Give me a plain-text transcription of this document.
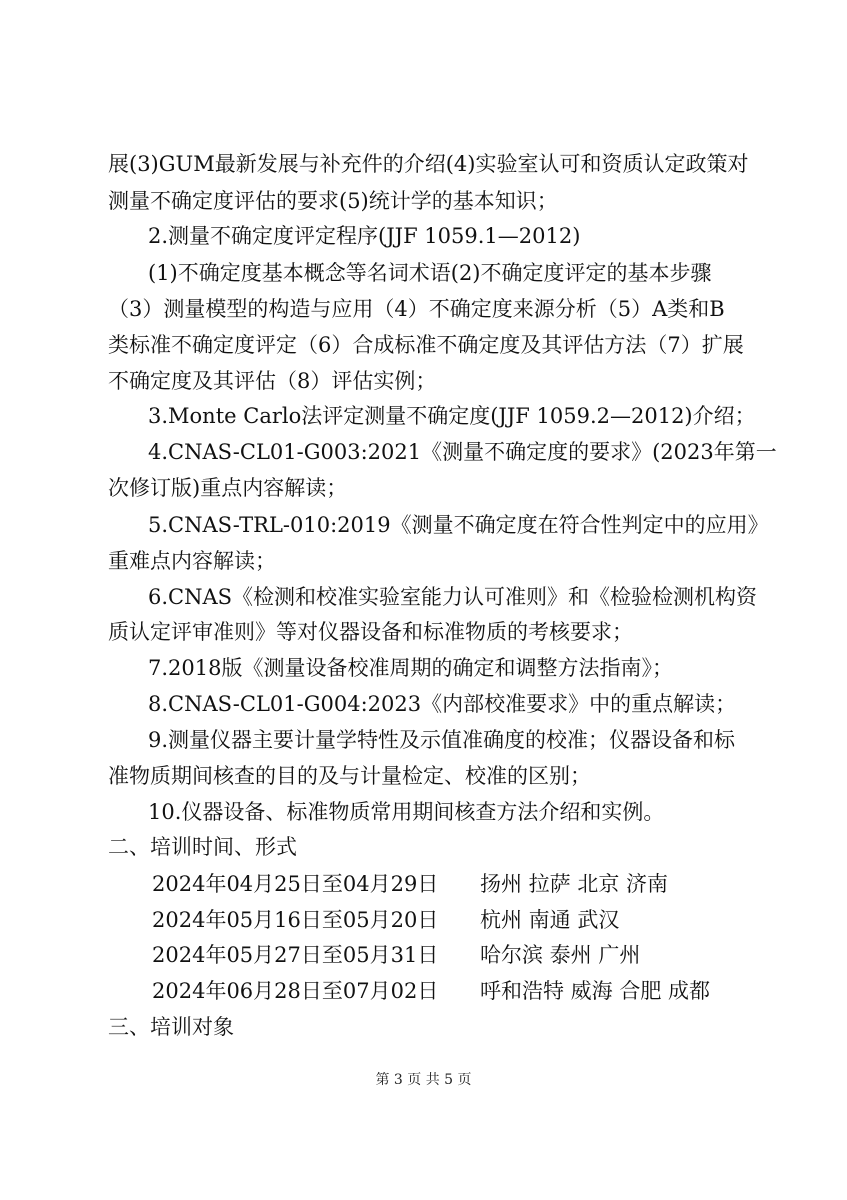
展(3)GUM最新发展与补充件的介绍(4)实验室认可和资质认定政策对
测量不确定度评估的要求(5)统计学的基本知识；
2.测量不确定度评定程序(JJF 1059.1—2012)
(1)不确定度基本概念等名词术语(2)不确定度评定的基本步骤
（3）测量模型的构造与应用（4）不确定度来源分析（5）A类和B
类标准不确定度评定（6）合成标准不确定度及其评估方法（7）扩展
不确定度及其评估（8）评估实例；
3.Monte Carlo法评定测量不确定度(JJF 1059.2—2012)介绍；
4.CNAS-CL01-G003:2021《测量不确定度的要求》(2023年第一
次修订版)重点内容解读；
5.CNAS-TRL-010:2019《测量不确定度在符合性判定中的应用》
重难点内容解读；
6.CNAS《检测和校准实验室能力认可准则》和《检验检测机构资
质认定评审准则》等对仪器设备和标准物质的考核要求；
7.2018版《测量设备校准周期的确定和调整方法指南》；
8.CNAS-CL01-G004:2023《内部校准要求》中的重点解读；
9.测量仪器主要计量学特性及示值准确度的校准；仪器设备和标
准物质期间核查的目的及与计量检定、校准的区别；
10.仪器设备、标准物质常用期间核查方法介绍和实例。
二、培训时间、形式
2024年04月25日至04月29日 扬州 拉萨 北京 济南
2024年05月16日至05月20日 杭州 南通 武汉
2024年05月27日至05月31日 哈尔滨 泰州 广州
2024年06月28日至07月02日 呼和浩特 威海 合肥 成都
三、培训对象
第 3 页 共 5 页
